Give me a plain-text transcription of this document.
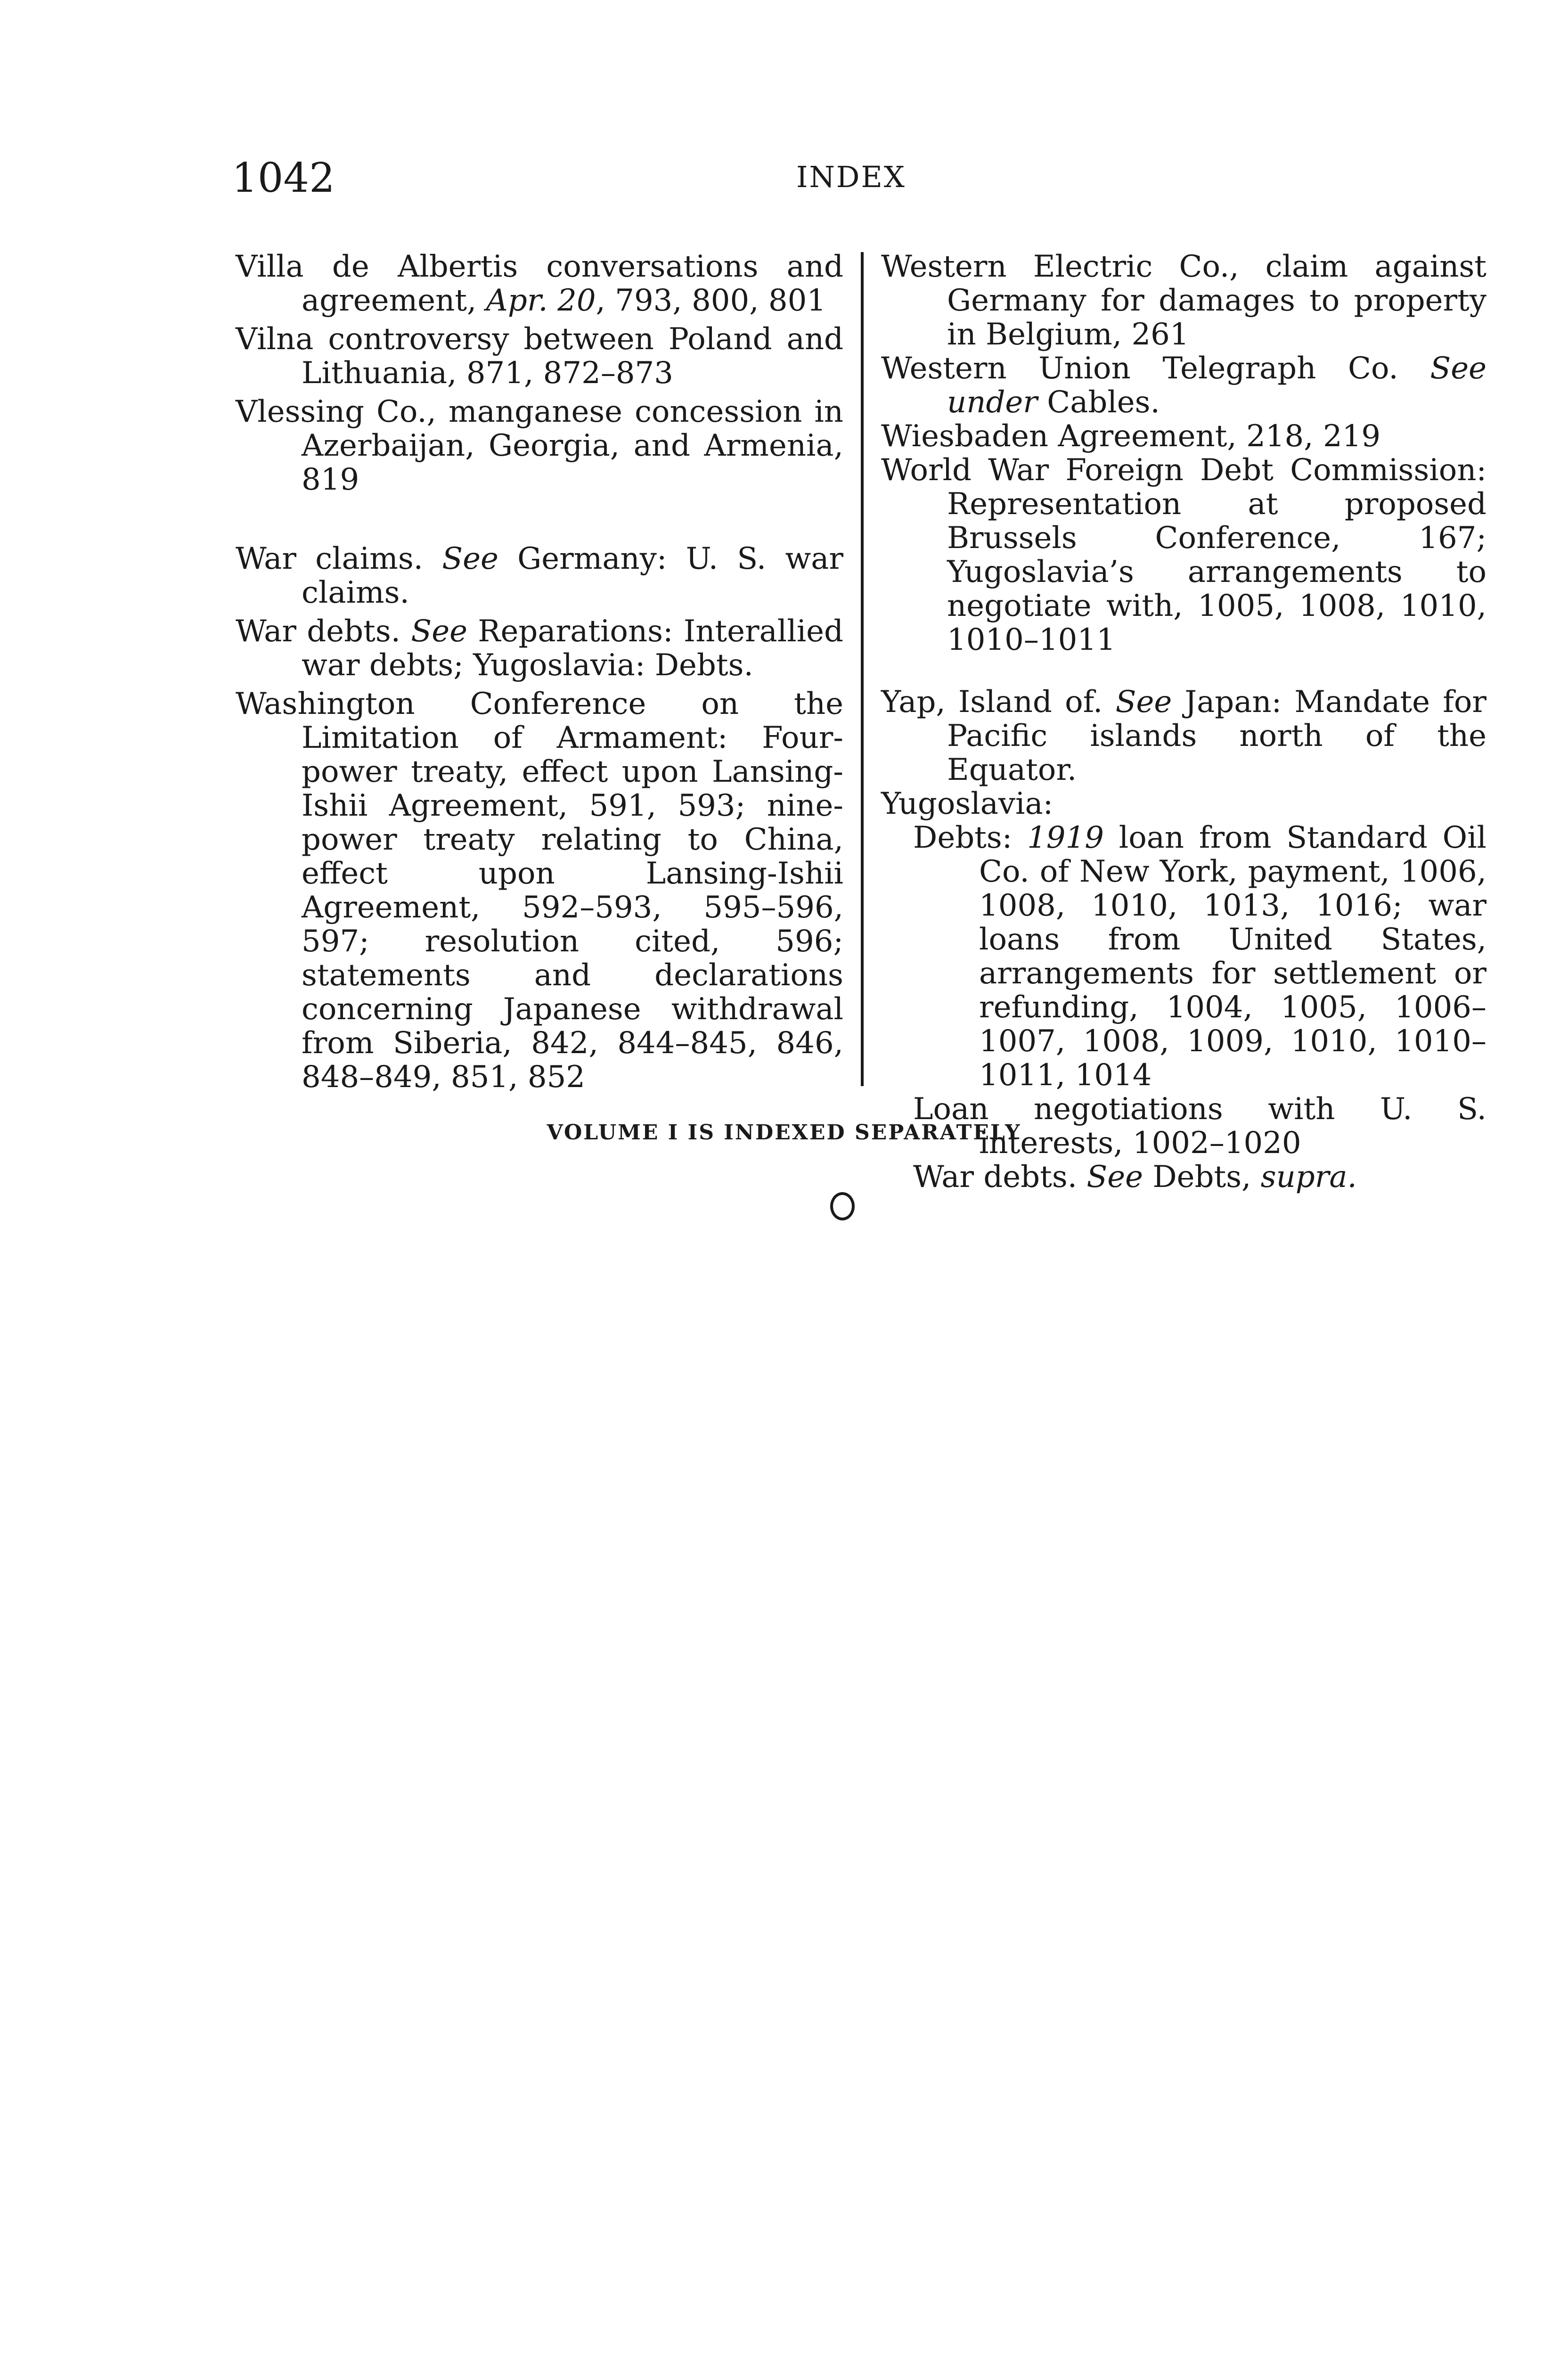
1042	INDEX

Villa de Albertis conversations and agreement, Apr. 20, 793, 800, 801

Vilna controversy between Poland and Lithuania, 871, 872–873

Vlessing Co., manganese concession in Azerbaijan, Georgia, and Armenia, 819

War claims. See Germany: U. S. war claims.

War debts. See Reparations: Interallied war debts; Yugoslavia: Debts.

Washington Conference on the Limitation of Armament: Four-power treaty, effect upon Lansing-Ishii Agreement, 591, 593; nine-power treaty relating to China, effect upon Lansing-Ishii Agreement, 592–593, 595–596, 597; resolution cited, 596; statements and declarations concerning Japanese withdrawal from Siberia, 842, 844–845, 846, 848–849, 851, 852

Western Electric Co., claim against Germany for damages to property in Belgium, 261

Western Union Telegraph Co. See under Cables.

Wiesbaden Agreement, 218, 219

World War Foreign Debt Commission: Representation at proposed Brussels Conference, 167; Yugoslavia’s arrangements to negotiate with, 1005, 1008, 1010, 1010–1011

Yap, Island of. See Japan: Mandate for Pacific islands north of the Equator.

Yugoslavia:

Debts: 1919 loan from Standard Oil Co. of New York, payment, 1006, 1008, 1010, 1013, 1016; war loans from United States, arrangements for settlement or refunding, 1004, 1005, 1006–1007, 1008, 1009, 1010, 1010–1011, 1014

Loan negotiations with U. S. interests, 1002–1020

War debts. See Debts, supra.

VOLUME I IS INDEXED SEPARATELY
